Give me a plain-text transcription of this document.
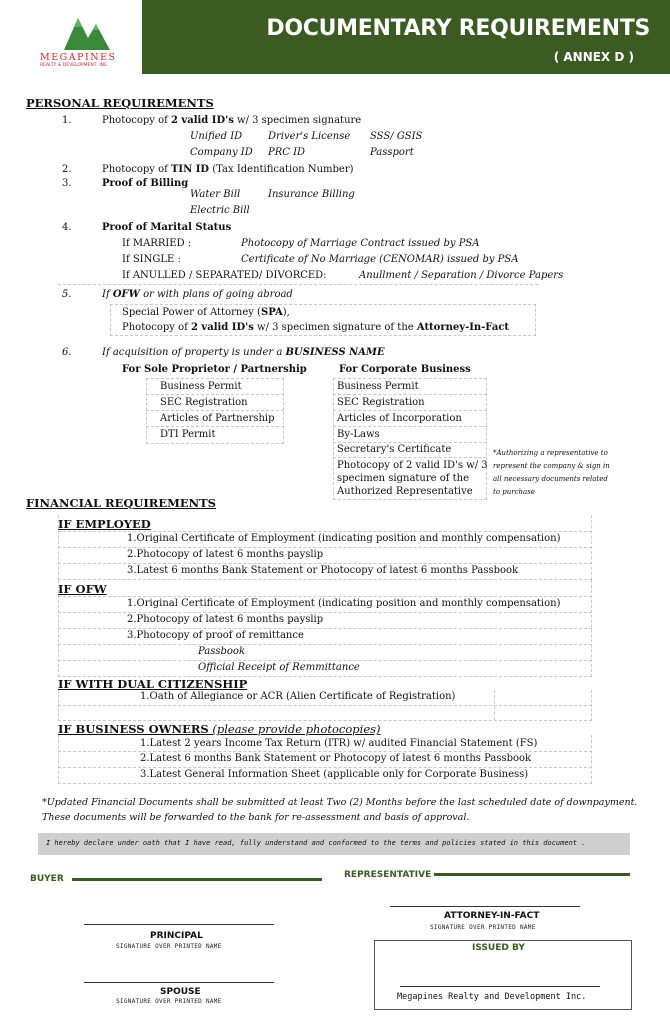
MEGAPINES
REALTY & DEVELOPMENT, INC.
DOCUMENTARY REQUIREMENTS
( ANNEX D )
PERSONAL REQUIREMENTS
1.	Photocopy of 2 valid ID's w/ 3 specimen signature
Unified ID	Driver's License SSS/ GSIS
Company ID PRC ID	Passport
2.	Photocopy of TIN ID (Tax Identification Number)
3.	Proof of Billing
Water Bill	Insurance Billing
Electric Bill
4.	Proof of Marital Status
If MARRIED :	Photocopy of Marriage Contract issued by PSA
If SINGLE :	Certificate of No Marriage (CENOMAR) issued by PSA
If ANULLED / SEPARATED/ DIVORCED:	Anullment / Separation / Divorce Papers
5.	If OFW or with plans of going abroad
Special Power of Attorney (SPA),
Photocopy of 2 valid ID's w/ 3 specimen signature of the Attorney-In-Fact
6.	If acquisition of property is under a BUSINESS NAME
For Sole Proprietor / Partnership	For Corporate Business
Business Permit
SEC Registration
Articles of Partnership
DTI Permit
Business Permit
SEC Registration
Articles of Incorporation
By-Laws
Secretary's Certificate
Photocopy of 2 valid ID's w/ 3
specimen signature of the
Authorized Representative
*Authorizing a representative to
represent the company & sign in
all necessary documents related
to purchase
FINANCIAL REQUIREMENTS
IF EMPLOYED
1.Original Certificate of Employment (indicating position and monthly compensation)
2.Photocopy of latest 6 months payslip
3.Latest 6 months Bank Statement or Photocopy of latest 6 months Passbook
IF OFW
1.Original Certificate of Employment (indicating position and monthly compensation)
2.Photocopy of latest 6 months payslip
3.Photocopy of proof of remittance
Passbook
Official Receipt of Remmittance
IF WITH DUAL CITIZENSHIP
1.Oath of Allegiance or ACR (Alien Certificate of Registration)
IF BUSINESS OWNERS (please provide photocopies)
1.Latest 2 years Income Tax Return (ITR) w/ audited Financial Statement (FS)
2.Latest 6 months Bank Statement or Photocopy of latest 6 months Passbook
3.Latest General Information Sheet (applicable only for Corporate Business)
*Updated Financial Documents shall be submitted at least Two (2) Months before the last scheduled date of downpayment.
These documents will be forwarded to the bank for re-assessment and basis of approval.
I hereby declare under oath that I have read, fully understand and conformed to the terms and policies stated in this document .
BUYER	REPRESENTATIVE
PRINCIPAL
SIGNATURE OVER PRINTED NAME
SPOUSE
SIGNATURE OVER PRINTED NAME
ATTORNEY-IN-FACT
SIGNATURE OVER PRINTED NAME
ISSUED BY
Megapines Realty and Development Inc.
